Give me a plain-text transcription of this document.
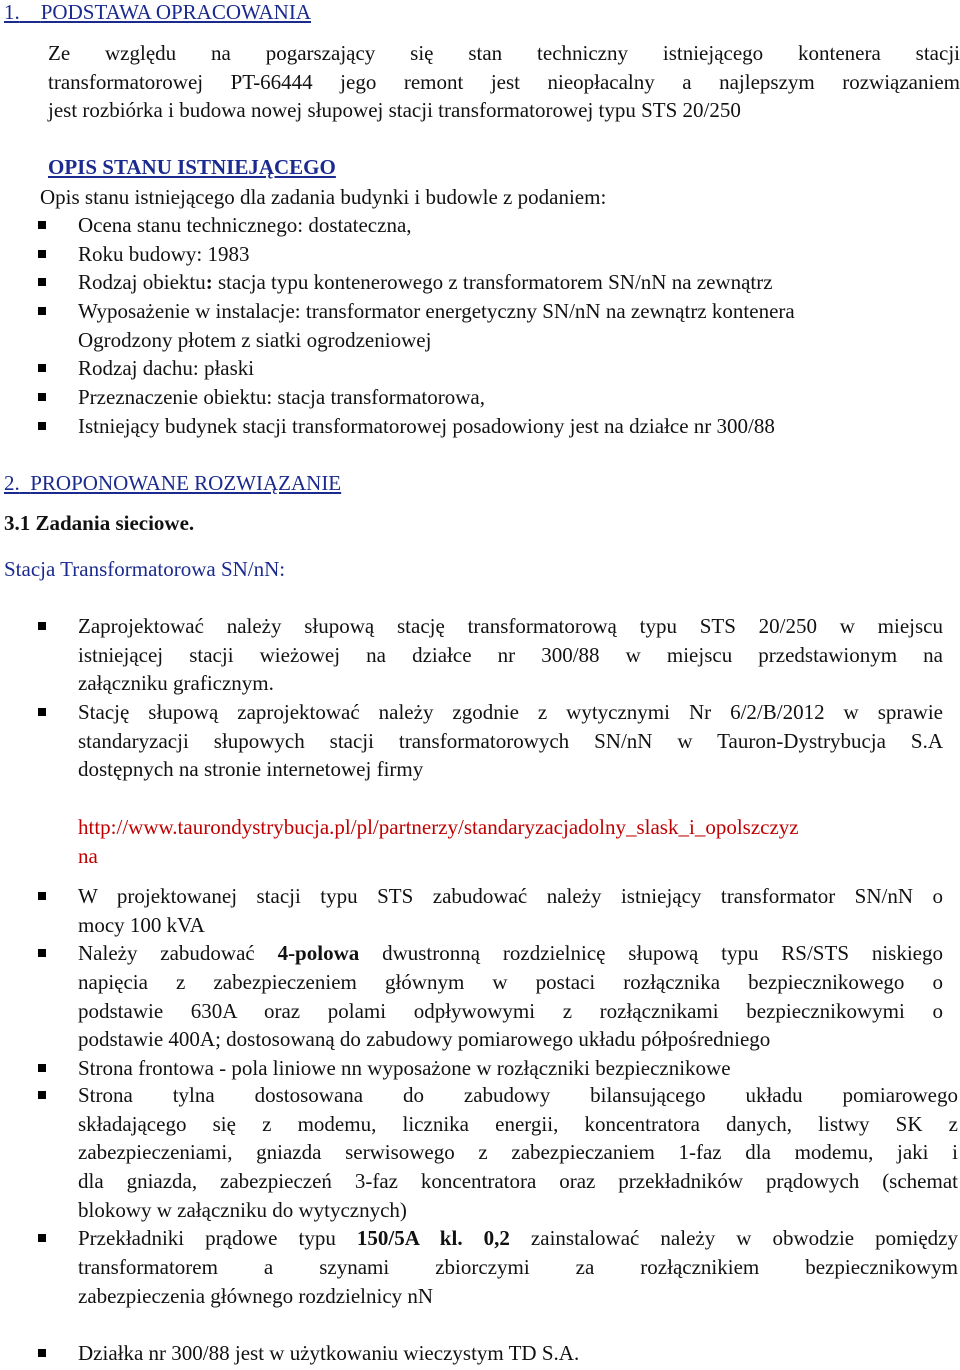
1. PODSTAWA OPRACOWANIA
Ze względu na pogarszający się stan techniczny istniejącego kontenera stacji
transformatorowej PT-66444 jego remont jest nieopłacalny a najlepszym rozwiązaniem
jest rozbiórka i budowa nowej słupowej stacji transformatorowej typu STS 20/250
OPIS STANU ISTNIEJĄCEGO
Opis stanu istniejącego dla zadania budynki i budowle z podaniem:
Ocena stanu technicznego: dostateczna,
Roku budowy: 1983
Rodzaj obiektu: stacja typu kontenerowego z transformatorem SN/nN na zewnątrz
Wyposażenie w instalacje: transformator energetyczny SN/nN na zewnątrz kontenera
Ogrodzony płotem z siatki ogrodzeniowej
Rodzaj dachu: płaski
Przeznaczenie obiektu: stacja transformatorowa,
Istniejący budynek stacji transformatorowej posadowiony jest na działce nr 300/88
2. PROPONOWANE ROZWIĄZANIE
3.1 Zadania sieciowe.
Stacja Transformatorowa SN/nN:
Zaprojektować należy słupową stację transformatorową typu STS 20/250 w miejscu
istniejącej stacji wieżowej na działce nr 300/88 w miejscu przedstawionym na
załączniku graficznym.
Stację słupową zaprojektować należy zgodnie z wytycznymi Nr 6/2/B/2012 w sprawie
standaryzacji słupowych stacji transformatorowych SN/nN w Tauron-Dystrybucja S.A
dostępnych na stronie internetowej firmy
http://www.taurondystrybucja.pl/pl/partnerzy/standaryzacjadolny_slask_i_opolszczyz
na
W projektowanej stacji typu STS zabudować należy istniejący transformator SN/nN o
mocy 100 kVA
Należy zabudować 4-polowa dwustronną rozdzielnicę słupową typu RS/STS niskiego
napięcia z zabezpieczeniem głównym w postaci rozłącznika bezpiecznikowego o
podstawie 630A oraz polami odpływowymi z rozłącznikami bezpiecznikowymi o
podstawie 400A; dostosowaną do zabudowy pomiarowego układu półpośredniego
Strona frontowa - pola liniowe nn wyposażone w rozłączniki bezpiecznikowe
Strona tylna dostosowana do zabudowy bilansującego układu pomiarowego
składającego się z modemu, licznika energii, koncentratora danych, listwy SK z
zabezpieczeniami, gniazda serwisowego z zabezpieczaniem 1-faz dla modemu, jaki i
dla gniazda, zabezpieczeń 3-faz koncentratora oraz przekładników prądowych (schemat
blokowy w załączniku do wytycznych)
Przekładniki prądowe typu 150/5A kl. 0,2 zainstalować należy w obwodzie pomiędzy
transformatorem a szynami zbiorczymi za rozłącznikiem bezpiecznikowym
zabezpieczenia głównego rozdzielnicy nN
Działka nr 300/88 jest w użytkowaniu wieczystym TD S.A.
